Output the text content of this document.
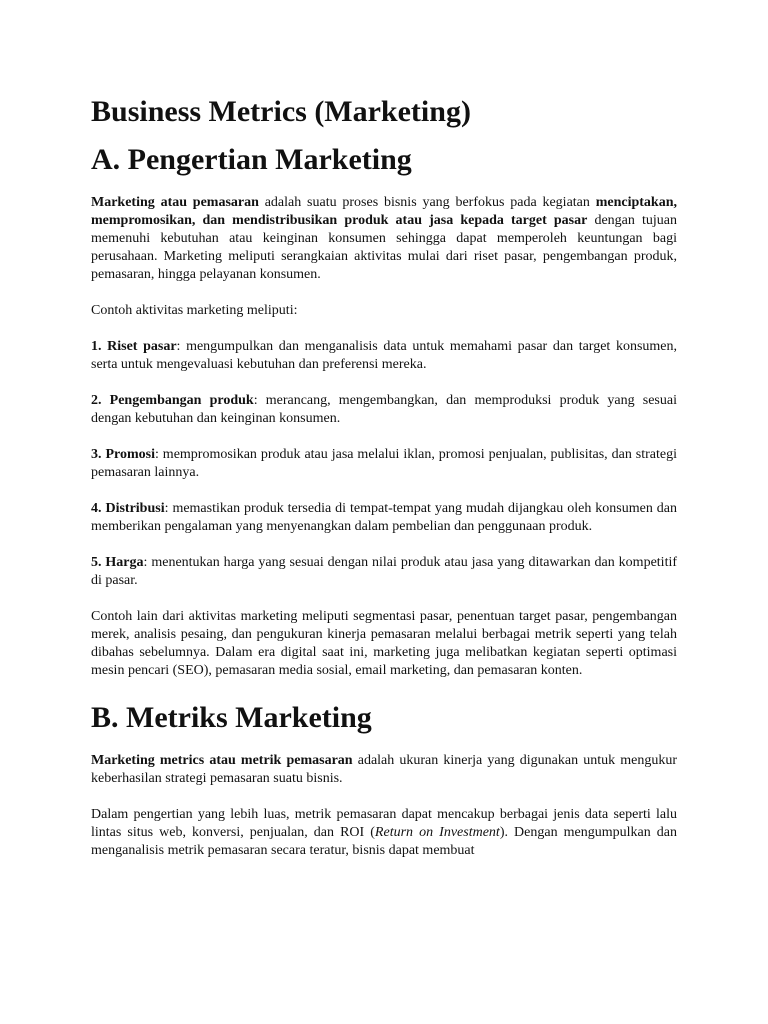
Business Metrics (Marketing)
A. Pengertian Marketing

Marketing atau pemasaran adalah suatu proses bisnis yang berfokus pada kegiatan menciptakan, mempromosikan, dan mendistribusikan produk atau jasa kepada target pasar dengan tujuan memenuhi kebutuhan atau keinginan konsumen sehingga dapat memperoleh keuntungan bagi perusahaan. Marketing meliputi serangkaian aktivitas mulai dari riset pasar, pengembangan produk, pemasaran, hingga pelayanan konsumen.

Contoh aktivitas marketing meliputi:

1. Riset pasar: mengumpulkan dan menganalisis data untuk memahami pasar dan target konsumen, serta untuk mengevaluasi kebutuhan dan preferensi mereka.

2. Pengembangan produk: merancang, mengembangkan, dan memproduksi produk yang sesuai dengan kebutuhan dan keinginan konsumen.

3. Promosi: mempromosikan produk atau jasa melalui iklan, promosi penjualan, publisitas, dan strategi pemasaran lainnya.

4. Distribusi: memastikan produk tersedia di tempat-tempat yang mudah dijangkau oleh konsumen dan memberikan pengalaman yang menyenangkan dalam pembelian dan penggunaan produk.

5. Harga: menentukan harga yang sesuai dengan nilai produk atau jasa yang ditawarkan dan kompetitif di pasar.

Contoh lain dari aktivitas marketing meliputi segmentasi pasar, penentuan target pasar, pengembangan merek, analisis pesaing, dan pengukuran kinerja pemasaran melalui berbagai metrik seperti yang telah dibahas sebelumnya. Dalam era digital saat ini, marketing juga melibatkan kegiatan seperti optimasi mesin pencari (SEO), pemasaran media sosial, email marketing, dan pemasaran konten.

B. Metriks Marketing

Marketing metrics atau metrik pemasaran adalah ukuran kinerja yang digunakan untuk mengukur keberhasilan strategi pemasaran suatu bisnis.

Dalam pengertian yang lebih luas, metrik pemasaran dapat mencakup berbagai jenis data seperti lalu lintas situs web, konversi, penjualan, dan ROI (Return on Investment). Dengan mengumpulkan dan menganalisis metrik pemasaran secara teratur, bisnis dapat membuat
